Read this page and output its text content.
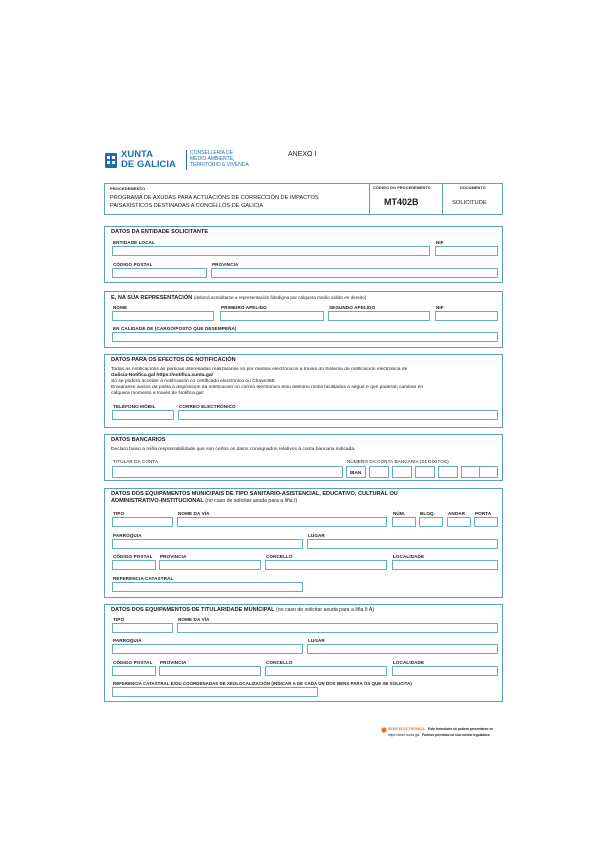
XUNTA
DE GALICIA
CONSELLERÍA DE
MEDIO AMBIENTE,
TERRITORIO E VIVENDA
ANEXO I
PROCEDEMENTO
PROGRAMA DE AXUDAS PARA ACTUACIÓNS DE CORRECCIÓN DE IMPACTOS
PAISAXÍSTICOS DESTINADAS A CONCELLOS DE GALICIA
CÓDIGO DO PROCEDEMENTO
MT402B
DOCUMENTO
SOLICITUDE
DATOS DA ENTIDADE SOLICITANTE
ENTIDADE LOCAL	NIF
CÓDIGO POSTAL	PROVINCIA
E, NA SÚA REPRESENTACIÓN (deberá acreditarse a representación fidedigna por calquera medio válido en dereito)
NOME	PRIMEIRO APELIDO	SEGUNDO APELIDO	NIF
EN CALIDADE DE (CARGO/POSTO QUE DESEMPEÑA)
DATOS PARA OS EFECTOS DE NOTIFICACIÓN
Todas as notificacións ás persoas interesadas realizaranse só por medios electrónicos a través do Sistema de notificación electrónica de
Galicia-Notifica.gal https://notifica.xunta.gal
Só se poderá acceder á notificación co certificado electrónico ou Chave365.
Enviaranse avisos da posta á disposición da notificación no correo electrónico e/ou teléfono móbil facilitados a seguir e que poderán cambiar en
calquera momento a través de Notifica.gal:
TELÉFONO MÓBIL	CORREO ELECTRÓNICO
DATOS BANCARIOS
Declaro baixo a miña responsabilidade que son certos os datos consignados relativos á conta bancaria indicada.
TITULAR DA CONTA	NÚMERO DA CONTA BANCARIA (24 DÍXITOS)
IBAN
DATOS DOS EQUIPAMENTOS MUNICIPAIS DE TIPO SANITARIO-ASISTENCIAL, EDUCATIVO, CULTURAL OU
ADMINISTRATIVO-INSTITUCIONAL (no caso de solicitar axuda para a liña I)
TIPO	NOME DA VÍA	NÚM.	BLOQ.	ANDAR PORTA
PARROQUIA	LUGAR
CÓDIGO POSTAL PROVINCIA	CONCELLO	LOCALIDADE
REFERENCIA CATASTRAL
DATOS DOS EQUIPAMENTOS DE TITULARIDADE MUNICIPAL (no caso de solicitar axuda para a liña II A)
TIPO	NOME DA VÍA
PARROQUIA	LUGAR
CÓDIGO POSTAL PROVINCIA	CONCELLO	LOCALIDADE
REFERENCIA CATASTRAL E/OU COORDENADAS DE XEOLOCALIZACIÓN (INDICAR A DE CADA UN DOS BENS PARA OS QUE SE SOLICITA)
SEDE ELECTRÓNICA Este formulario só poderá presentarse en
https://sede.xunta.gal Formas previstas na súa norma reguladora
